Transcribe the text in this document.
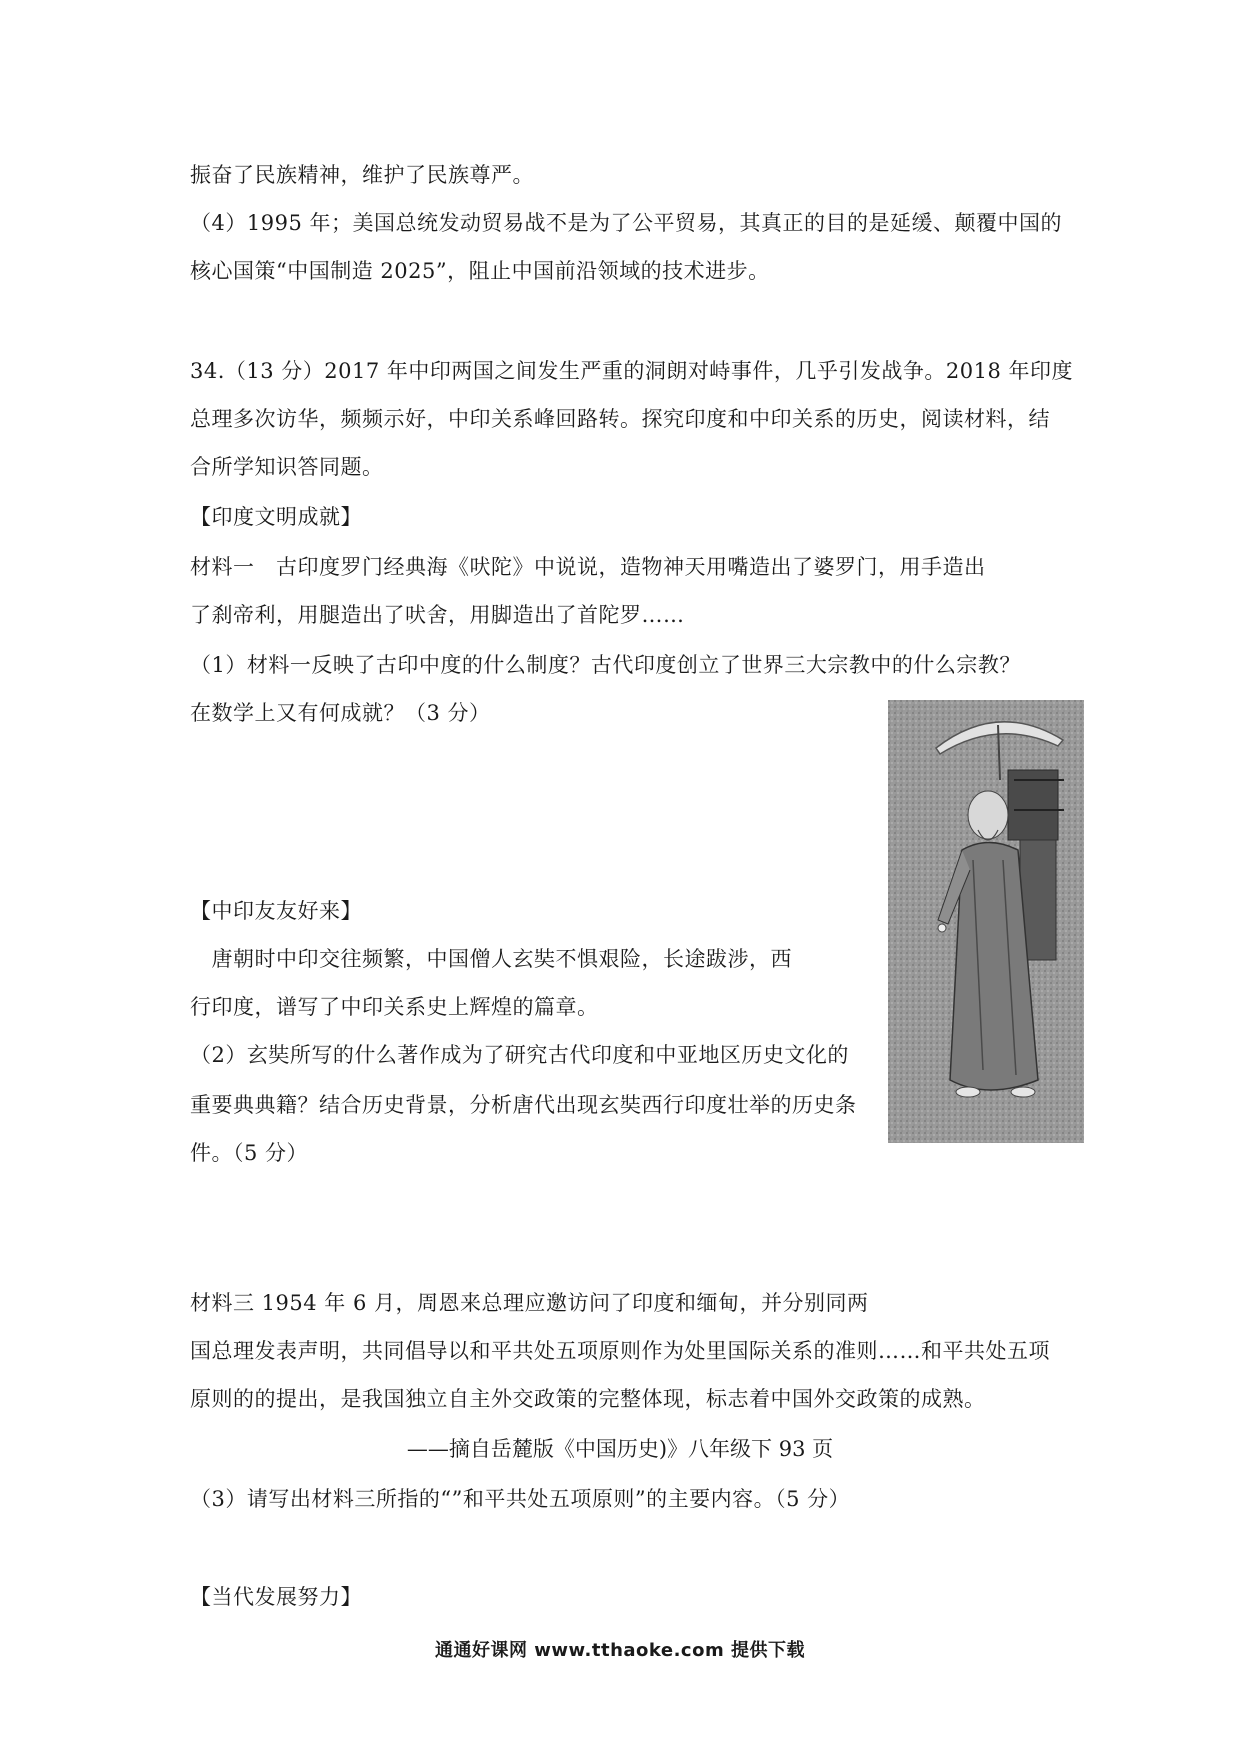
振奋了民族精神，维护了民族尊严。
（4）1995 年；美国总统发动贸易战不是为了公平贸易，其真正的目的是延缓、颠覆中国的
核心国策“中国制造 2025”，阻止中国前沿领域的技术进步。
34.（13 分）2017 年中印两国之间发生严重的洞朗对峙事件，几乎引发战争。2018 年印度
总理多次访华，频频示好，中印关系峰回路转。探究印度和中印关系的历史，阅读材料，结
合所学知识答同题。
【印度文明成就】
材料一　古印度罗门经典海《吠陀》中说说，造物神天用嘴造出了婆罗门，用手造出
了刹帝利，用腿造出了吠舍，用脚造出了首陀罗……
（1）材料一反映了古印中度的什么制度？古代印度创立了世界三大宗教中的什么宗教？
在数学上又有何成就？（3 分）
【中印友友好来】
　唐朝时中印交往频繁，中国僧人玄奘不惧艰险，长途跋涉，西
行印度，谱写了中印关系史上辉煌的篇章。
（2）玄奘所写的什么著作成为了研究古代印度和中亚地区历史文化的
重要典典籍？结合历史背景，分析唐代出现玄奘西行印度壮举的历史条
件。（5 分）
材料三 1954 年 6 月，周恩来总理应邀访问了印度和缅甸，并分别同两
国总理发表声明，共同倡导以和平共处五项原则作为处里国际关系的准则……和平共处五项
原则的的提出，是我国独立自主外交政策的完整体现，标志着中国外交政策的成熟。
——摘自岳麓版《中国历史)》八年级下 93 页
（3）请写出材料三所指的“”和平共处五项原则”的主要内容。（5 分）
【当代发展努力】
通通好课网 www.tthaoke.com 提供下载
